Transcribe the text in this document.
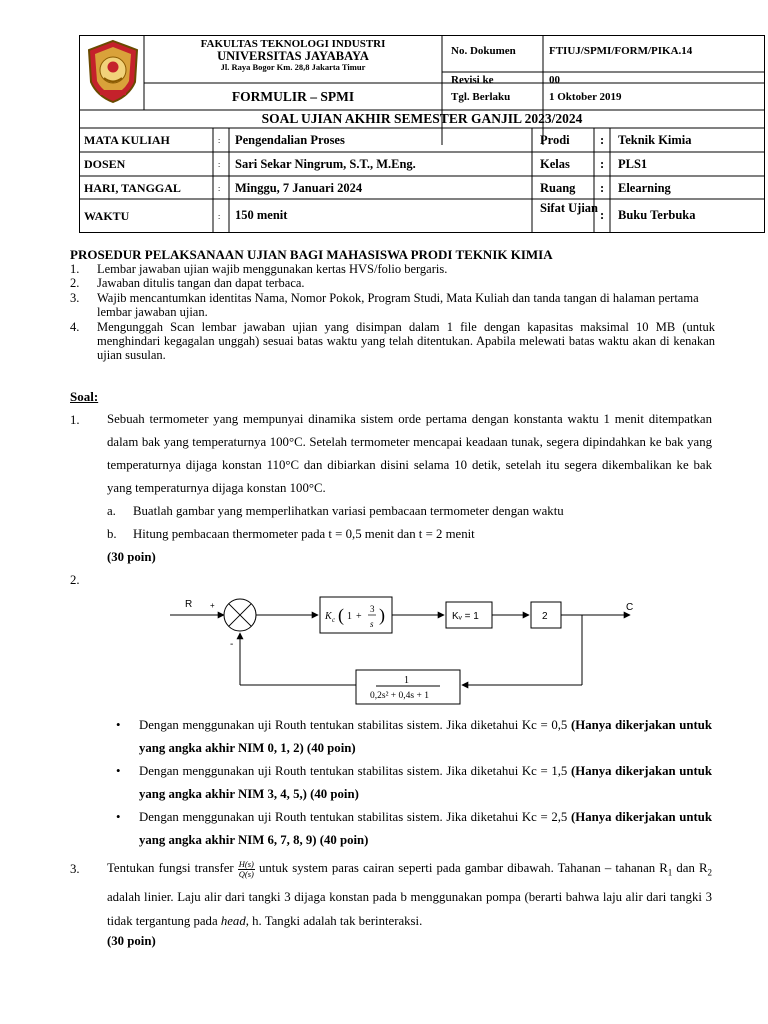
FAKULTAS TEKNOLOGI INDUSTRI
UNIVERSITAS JAYABAYA
Jl. Raya Bogor Km. 28,8 Jakarta Timur
FORMULIR – SPMI
No. Dokumen	FTIUJ/SPMI/FORM/PIKA.14
Revisi ke	00
Tgl. Berlaku	1 Oktober 2019
SOAL UJIAN AKHIR SEMESTER GANJIL 2023/2024
MATA KULIAH	: Pengendalian Proses	Prodi : Teknik Kimia
DOSEN	: Sari Sekar Ningrum, S.T., M.Eng.	Kelas : PLS1
HARI, TANGGAL	: Minggu, 7 Januari 2024	Ruang : Elearning
WAKTU	: 150 menit	Sifat Ujian : Buku Terbuka
PROSEDUR PELAKSANAAN UJIAN BAGI MAHASISWA PRODI TEKNIK KIMIA
1. Lembar jawaban ujian wajib menggunakan kertas HVS/folio bergaris.
2. Jawaban ditulis tangan dan dapat terbaca.
3. Wajib mencantumkan identitas Nama, Nomor Pokok, Program Studi, Mata Kuliah dan tanda tangan di halaman pertama lembar jawaban ujian.
4. Mengunggah Scan lembar jawaban ujian yang disimpan dalam 1 file dengan kapasitas maksimal 10 MB (untuk menghindari kegagalan unggah) sesuai batas waktu yang telah ditentukan. Apabila melewati batas waktu akan di kenakan ujian susulan.
Soal:
1. Sebuah termometer yang mempunyai dinamika sistem orde pertama dengan konstanta waktu 1 menit ditempatkan dalam bak yang temperaturnya 100°C. Setelah termometer mencapai keadaan tunak, segera dipindahkan ke bak yang temperaturnya dijaga konstan 110°C dan dibiarkan disini selama 10 detik, setelah itu segera dikembalikan ke bak yang temperaturnya dijaga konstan 100°C.
a. Buatlah gambar yang memperlihatkan variasi pembacaan termometer dengan waktu
b. Hitung pembacaan thermometer pada t = 0,5 menit dan t = 2 menit
(30 poin)
2.
R +
-
C
Kᵥ = 1	2
K c ( 1 +
3
s )
1
0,2s² + 0,4s + 1
• Dengan menggunakan uji Routh tentukan stabilitas sistem. Jika diketahui Kc = 0,5 (Hanya dikerjakan untuk yang angka akhir NIM 0, 1, 2) (40 poin)
• Dengan menggunakan uji Routh tentukan stabilitas sistem. Jika diketahui Kc = 1,5 (Hanya dikerjakan untuk yang angka akhir NIM 3, 4, 5,) (40 poin)
• Dengan menggunakan uji Routh tentukan stabilitas sistem. Jika diketahui Kc = 2,5 (Hanya dikerjakan untuk yang angka akhir NIM 6, 7, 8, 9) (40 poin)
3. Tentukan fungsi transfer $\frac{H(s)}{Q(s)}$ untuk system paras cairan seperti pada gambar dibawah. Tahanan – tahanan $R_1$ dan $R_2$ adalah linier. Laju alir dari tangki 3 dijaga konstan pada b menggunakan pompa (berarti bahwa laju alir dari tangki 3 tidak tergantung pada head, h. Tangki adalah tak berinteraksi.
(30 poin)
